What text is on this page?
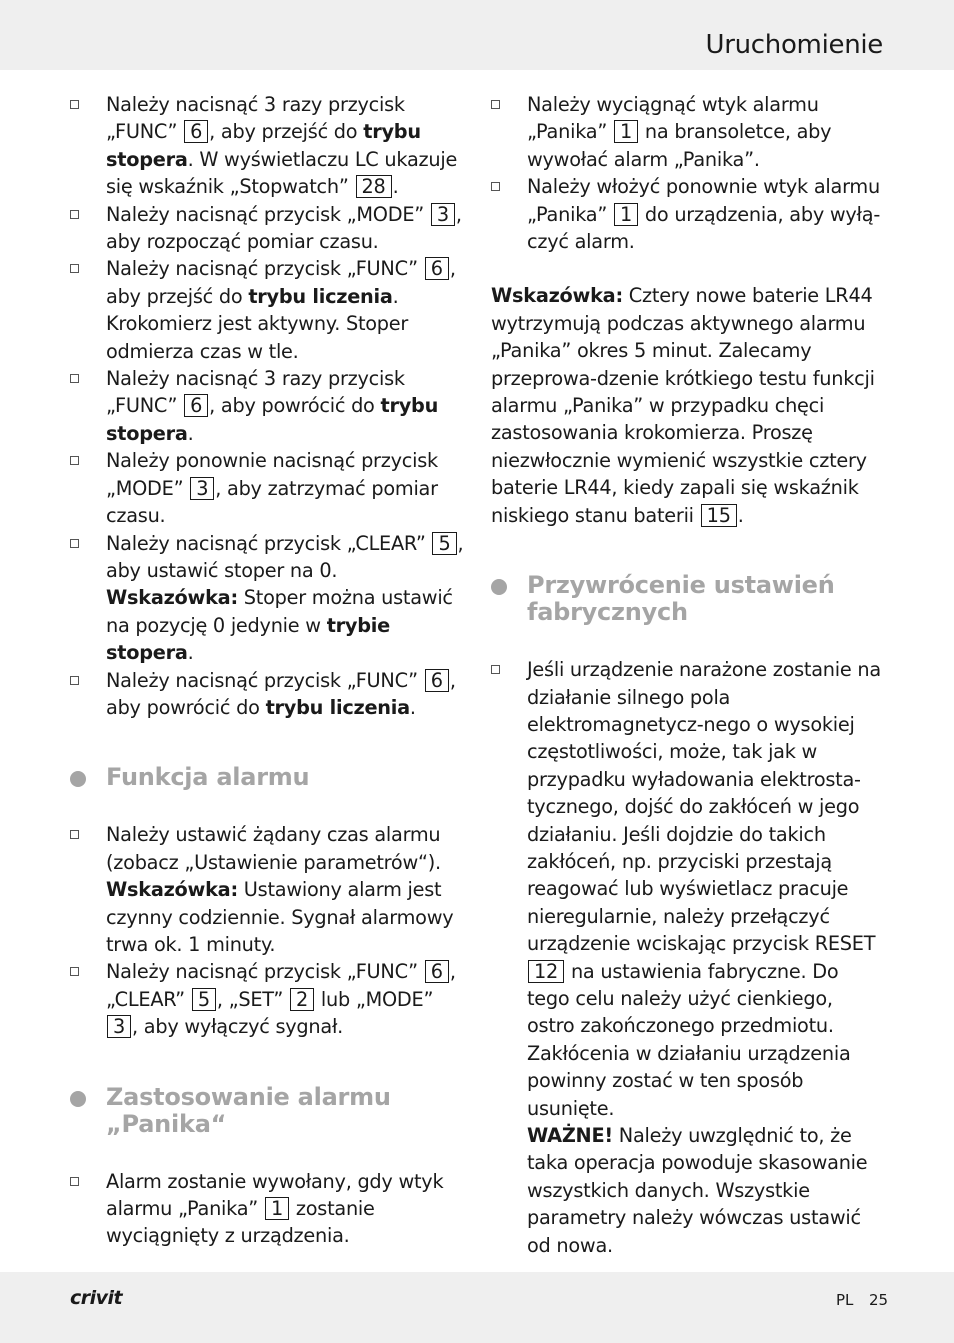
Uruchomienie
Należy nacisnąć 3 razy przycisk „FUNC” 6 , aby przejść do trybu stopera. W wyświetlaczu LC ukazuje się wskaźnik „Stopwatch” 28 .
Należy nacisnąć przycisk „MODE” 3 , aby rozpocząć pomiar czasu.
Należy nacisnąć przycisk „FUNC” 6 , aby przejść do trybu liczenia. Krokomierz jest aktywny. Stoper odmierza czas w tle.
Należy nacisnąć 3 razy przycisk „FUNC” 6 , aby powrócić do trybu stopera.
Należy ponownie nacisnąć przycisk „MODE” 3 , aby zatrzymać pomiar czasu.
Należy nacisnąć przycisk „CLEAR” 5 , aby ustawić stoper na 0.
Wskazówka: Stoper można ustawić na pozycję 0 jedynie w trybie stopera.
Należy nacisnąć przycisk „FUNC” 6 , aby powrócić do trybu liczenia.
Funkcja alarmu
Należy ustawić żądany czas alarmu (zobacz „Ustawienie parametrów“).
Wskazówka: Ustawiony alarm jest czynny codziennie. Sygnał alarmowy trwa ok. 1 minuty.
Należy nacisnąć przycisk „FUNC” 6 , „CLEAR” 5 , „SET” 2 lub „MODE” 3 , aby wyłączyć sygnał.
Zastosowanie alarmu
„Panika“
Alarm zostanie wywołany, gdy wtyk alarmu „Panika” 1 zostanie wyciągnięty z urządzenia.
Należy wyciągnąć wtyk alarmu „Panika” 1 na bransoletce, aby wywołać alarm „Panika”.
Należy włożyć ponownie wtyk alarmu „Panika” 1 do urządzenia, aby wyłą-czyć alarm.
Wskazówka: Cztery nowe baterie LR44 wytrzymują podczas aktywnego alarmu „Panika” okres 5 minut. Zalecamy przeprowa-dzenie krótkiego testu funkcji alarmu „Panika” w przypadku chęci zastosowania krokomierza. Proszę niezwłocznie wymienić wszystkie cztery baterie LR44, kiedy zapali się wskaźnik niskiego stanu baterii 15 .
Przywrócenie ustawień
fabrycznych
Jeśli urządzenie narażone zostanie na działanie silnego pola elektromagnetycz-nego o wysokiej częstotliwości, może, tak jak w przypadku wyładowania elektrosta-tycznego, dojść do zakłóceń w jego działaniu. Jeśli dojdzie do takich zakłóceń, np. przyciski przestają reagować lub wyświetlacz pracuje nieregularnie, należy przełączyć urządzenie wciskając przycisk RESET 12 na ustawienia fabryczne. Do tego celu należy użyć cienkiego, ostro zakończonego przedmiotu. Zakłócenia w działaniu urządzenia powinny zostać w ten sposób usunięte.
WAŻNE! Należy uwzględnić to, że taka operacja powoduje skasowanie wszystkich danych. Wszystkie parametry należy wówczas ustawić od nowa.
crivit	PL 25
